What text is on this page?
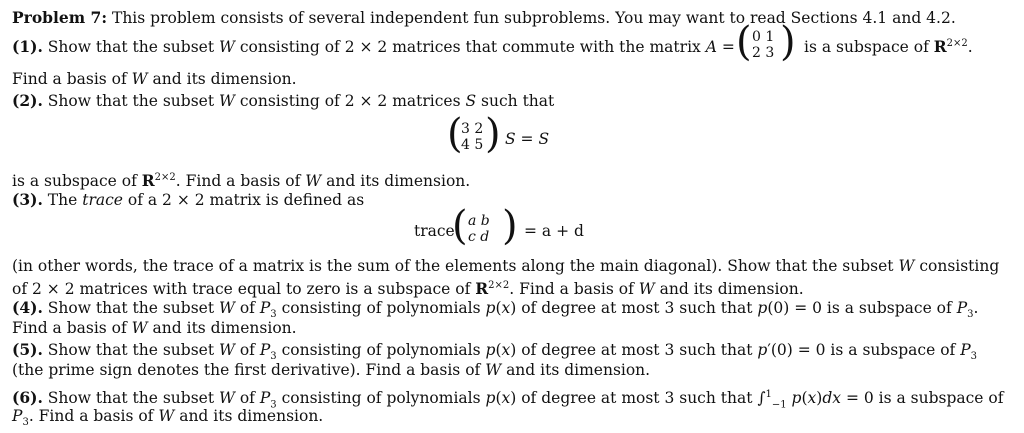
Problem 7: This problem consists of several independent fun subproblems. You may want to read Sections 4.1 and 4.2.
(1). Show that the subset W consisting of 2 × 2 matrices that commute with the matrix A =
Find a basis of W and its dimension.
(2). Show that the subset W consisting of 2 × 2 matrices S such that
is a subspace of $R^{2\times 2}$. Find a basis of W and its dimension.
(3). The trace of a 2 × 2 matrix is defined as
(in other words, the trace of a matrix is the sum of the elements along the main diagonal). Show that the subset W consisting
of 2 × 2 matrices with trace equal to zero is a subspace of $R^{2\times 2}$. Find a basis of W and its dimension.
(4). Show that the subset W of $P_3$ consisting of polynomials p(x) of degree at most 3 such that p(0) = 0 is a subspace of $P_3$.
Find a basis of W and its dimension.
(5). Show that the subset W of $P_3$ consisting of polynomials p(x) of degree at most 3 such that p′(0) = 0 is a subspace of $P_3$
(the prime sign denotes the first derivative). Find a basis of W and its dimension.
(6). Show that the subset W of $P_3$ consisting of polynomials p(x) of degree at most 3 such that ∫$^1_{-1}$ p(x)dx = 0 is a subspace of
$P_3$. Find a basis of W and its dimension.
( 0 1
2 3 ) is a subspace of $R^{2\times 2}$.
(
3 2
4 5 ) S = S
trace
( a b
c d ) = a + d
